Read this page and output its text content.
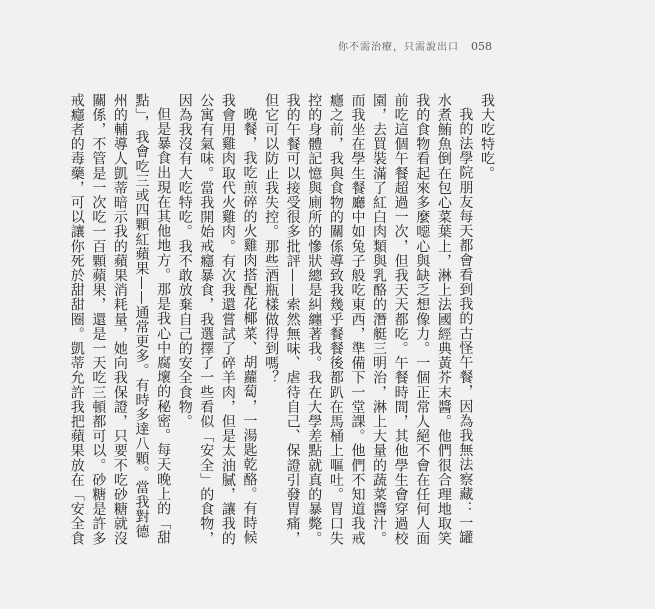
你不需治療，只需說出口 058

我大吃特吃。

我的法學院朋友每天都會看到我的古怪午餐，因為我無法察藏：一罐水煮鮪魚倒在包心菜葉上，淋上法國經典黃芥末醬。他們很合理地取笑我的食物看起來多麼噁心與缺乏想像力。一個正常人絕不會在任何人面前吃這個午餐超過一次，但我天天都吃。午餐時間，其他學生會穿過校園，去買裝滿了紅白肉類與乳酪的潛艇三明治，淋上大量的蔬菜醬汁。而我坐在學生餐廳中如兔子般吃東西，準備下一堂課。他們不知道我戒癮之前，我與食物的關係導致我幾乎餐餐後都趴在馬桶上嘔吐。胃口失控的身體記憶與廁所的慘狀總是糾纏著我。我在大學差點就真的暴斃。我的午餐可以接受很多批評——索然無味、虐待自己、保證引發胃痛，但它可以防止我失控。那些酒瓶樣做得到嗎？

晚餐，我吃煎碎的火雞肉搭配花椰菜、胡蘿蔔，一湯匙乾酪。有時候我會用雞肉取代火雞肉。有次我還嘗試了碎羊肉，但是太油膩，讓我的公寓有氣味。當我開始戒癮暴食，我選擇了一些看似「安全」的食物，因為我沒有大吃特吃。我不敢放棄自己的安全食物。

但是暴食出現在其他地方。那是我心中腐壞的秘密。每天晚上的「甜點」，我會吃三或四顆紅蘋果——通常更多。有時多達八顆。當我對德州的輔導人凱蒂暗示我的蘋果消耗量，她向我保證，只要不吃砂糖就沒關係，不管是一次吃一百顆蘋果，還是一天吃三頓都可以。砂糖是許多戒癮者的毒藥，可以讓你死於甜甜圈。凱蒂允許我把蘋果放在「安全食
